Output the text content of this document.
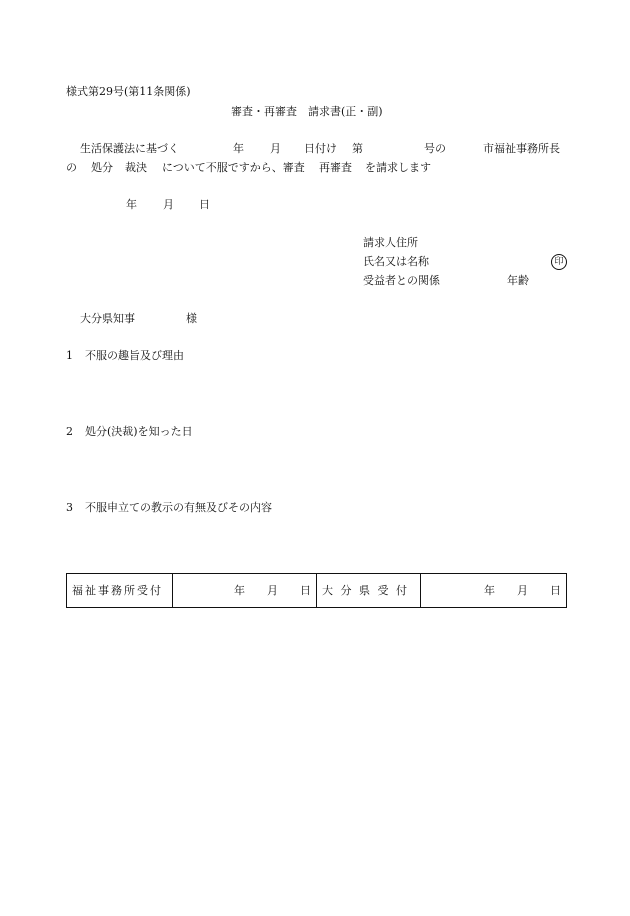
様式第29号(第11条関係)
審査・再審査　請求書(正・副)
生活保護法に基づく	年 月 日付け 第	号の	市福祉事務所長
の 処分 裁決 について不服ですから、審査 再審査 を請求します
年 月 日
請求人住所
氏名又は名称	印
受益者との関係	年齢
大分県知事	様
1 不服の趣旨及び理由
2 処分(決裁)を知った日
3 不服申立ての教示の有無及びその内容
福祉事務所受付	年　　月　　日	大 分 県 受 付	年　　月　　日
